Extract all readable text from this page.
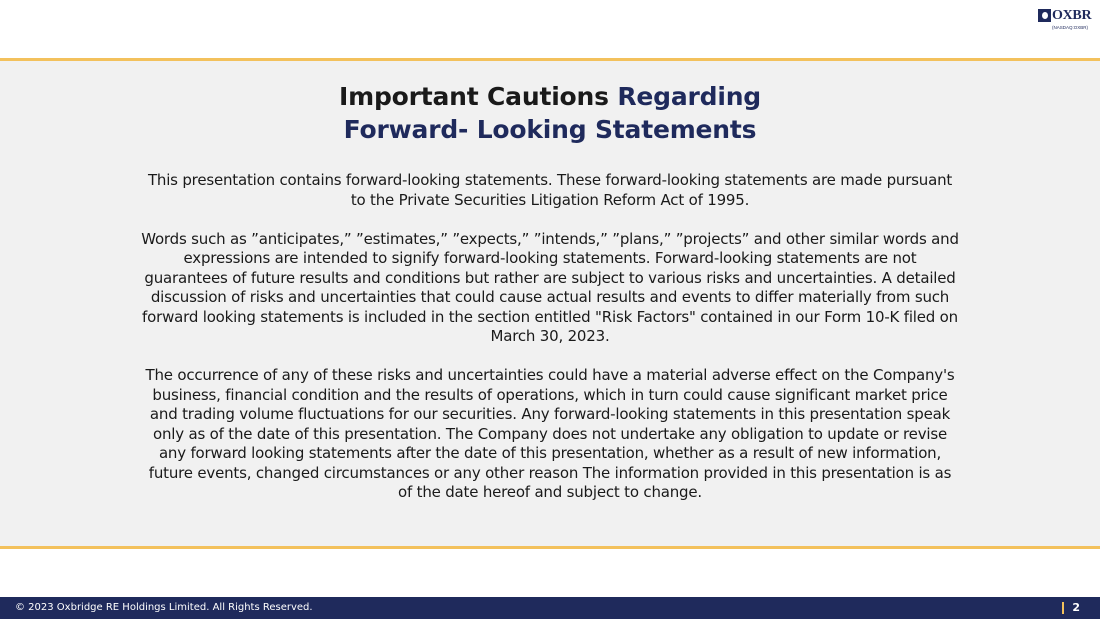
OXBR
(NASDAQ:OXBR)
Important Cautions Regarding
Forward- Looking Statements

This presentation contains forward-looking statements. These forward-looking statements are made pursuant to the Private Securities Litigation Reform Act of 1995.

Words such as ”anticipates,” ”estimates,” ”expects,” ”intends,” ”plans,” ”projects” and other similar words and expressions are intended to signify forward-looking statements. Forward-looking statements are not guarantees of future results and conditions but rather are subject to various risks and uncertainties. A detailed discussion of risks and uncertainties that could cause actual results and events to differ materially from such forward looking statements is included in the section entitled "Risk Factors" contained in our Form 10-K filed on March 30, 2023.

The occurrence of any of these risks and uncertainties could have a material adverse effect on the Company's business, financial condition and the results of operations, which in turn could cause significant market price and trading volume fluctuations for our securities. Any forward-looking statements in this presentation speak only as of the date of this presentation. The Company does not undertake any obligation to update or revise any forward looking statements after the date of this presentation, whether as a result of new information, future events, changed circumstances or any other reason The information provided in this presentation is as of the date hereof and subject to change.

© 2023 Oxbridge RE Holdings Limited. All Rights Reserved.	2
